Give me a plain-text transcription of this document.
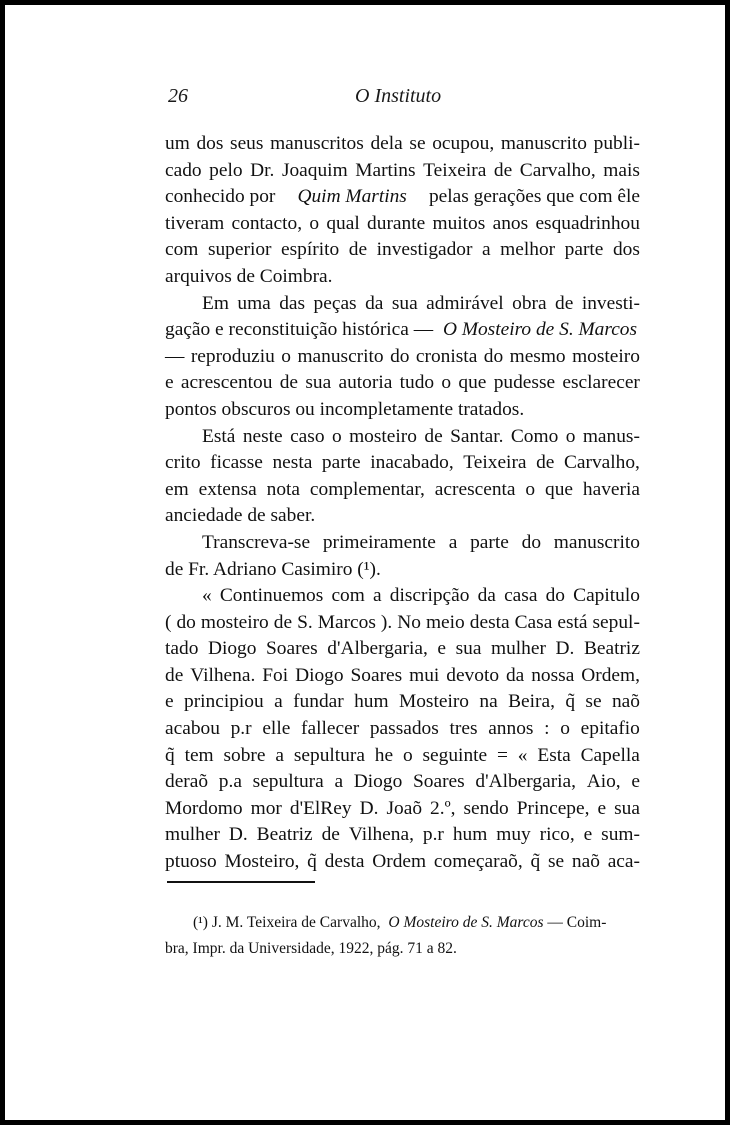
26	O Instituto
um dos seus manuscritos dela se ocupou, manuscrito publi-
cado pelo Dr. Joaquim Martins Teixeira de Carvalho, mais
conhecido por Quim Martins pelas gerações que com êle
tiveram contacto, o qual durante muitos anos esquadrinhou
com superior espírito de investigador a melhor parte dos
arquivos de Coimbra.
Em uma das peças da sua admirável obra de investi-
gação e reconstituição histórica — O Mosteiro de S. Marcos
— reproduziu o manuscrito do cronista do mesmo mosteiro
e acrescentou de sua autoria tudo o que pudesse esclarecer
pontos obscuros ou incompletamente tratados.
Está neste caso o mosteiro de Santar. Como o manus-
crito ficasse nesta parte inacabado, Teixeira de Carvalho,
em extensa nota complementar, acrescenta o que haveria
anciedade de saber.
Transcreva-se primeiramente a parte do manuscrito
de Fr. Adriano Casimiro (¹).
« Continuemos com a discripção da casa do Capitulo
( do mosteiro de S. Marcos ). No meio desta Casa está sepul-
tado Diogo Soares d'Albergaria, e sua mulher D. Beatriz
de Vilhena. Foi Diogo Soares mui devoto da nossa Ordem,
e principiou a fundar hum Mosteiro na Beira, q̃ se naõ
acabou p.r elle fallecer passados tres annos : o epitafio
q̃ tem sobre a sepultura he o seguinte = « Esta Capella
deraõ p.a sepultura a Diogo Soares d'Albergaria, Aio, e
Mordomo mor d'ElRey D. Joaõ 2.º, sendo Princepe, e sua
mulher D. Beatriz de Vilhena, p.r hum muy rico, e sum-
ptuoso Mosteiro, q̃ desta Ordem começaraõ, q̃ se naõ aca-
(¹) J. M. Teixeira de Carvalho, O Mosteiro de S. Marcos — Coim-
bra, Impr. da Universidade, 1922, pág. 71 a 82.
